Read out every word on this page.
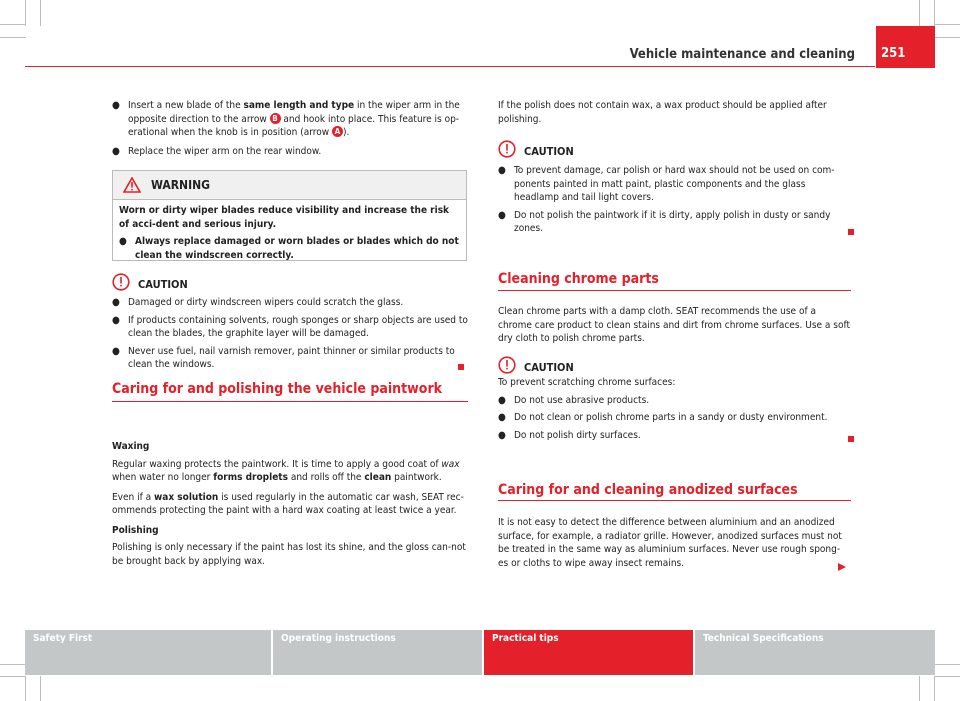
Vehicle maintenance and cleaning	251
● Insert a new blade of the same length and type in the wiper arm in the opposite direction to the arrow B and hook into place. This feature is op-erational when the knob is in position (arrow A ).

● Replace the wiper arm on the rear window.

WARNING

Worn or dirty wiper blades reduce visibility and increase the risk of acci-dent and serious injury.

● Always replace damaged or worn blades or blades which do not clean the windscreen correctly.

CAUTION
● Damaged or dirty windscreen wipers could scratch the glass.

● If products containing solvents, rough sponges or sharp objects are used to clean the blades, the graphite layer will be damaged.

● Never use fuel, nail varnish remover, paint thinner or similar products to clean the windows.

Caring for and polishing the vehicle paintwork

Waxing

Regular waxing protects the paintwork. It is time to apply a good coat of wax when water no longer forms droplets and rolls off the clean paintwork.

Even if a wax solution is used regularly in the automatic car wash, SEAT rec-ommends protecting the paint with a hard wax coating at least twice a year.

Polishing

Polishing is only necessary if the paint has lost its shine, and the gloss can-not be brought back by applying wax.

If the polish does not contain wax, a wax product should be applied after polishing.

CAUTION
● To prevent damage, car polish or hard wax should not be used on com-ponents painted in matt paint, plastic components and the glass headlamp and tail light covers.

● Do not polish the paintwork if it is dirty, apply polish in dusty or sandy zones.

Cleaning chrome parts

Clean chrome parts with a damp cloth. SEAT recommends the use of a chrome care product to clean stains and dirt from chrome surfaces. Use a soft dry cloth to polish chrome parts.

CAUTION

To prevent scratching chrome surfaces:

● Do not use abrasive products.

● Do not clean or polish chrome parts in a sandy or dusty environment.

● Do not polish dirty surfaces.

Caring for and cleaning anodized surfaces

It is not easy to detect the difference between aluminium and an anodized surface, for example, a radiator grille. However, anodized surfaces must not be treated in the same way as aluminium surfaces. Never use rough spong-es or cloths to wipe away insect remains.

Safety First	Operating instructions	Practical tips	Technical Specifications
